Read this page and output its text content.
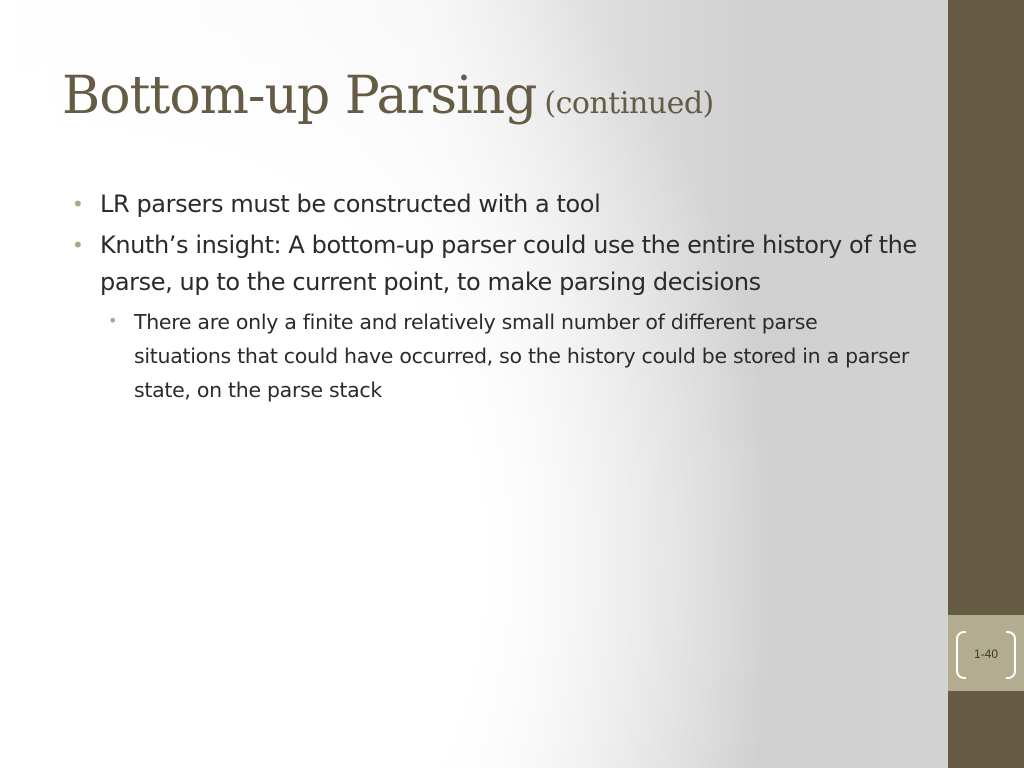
1-40
Bottom-up Parsing (continued)
• LR parsers must be constructed with a tool
• Knuth’s insight: A bottom-up parser could use the entire history of the parse, up to the current point, to make parsing decisions
• There are only a finite and relatively small number of different parse situations that could have occurred, so the history could be stored in a parser state, on the parse stack
